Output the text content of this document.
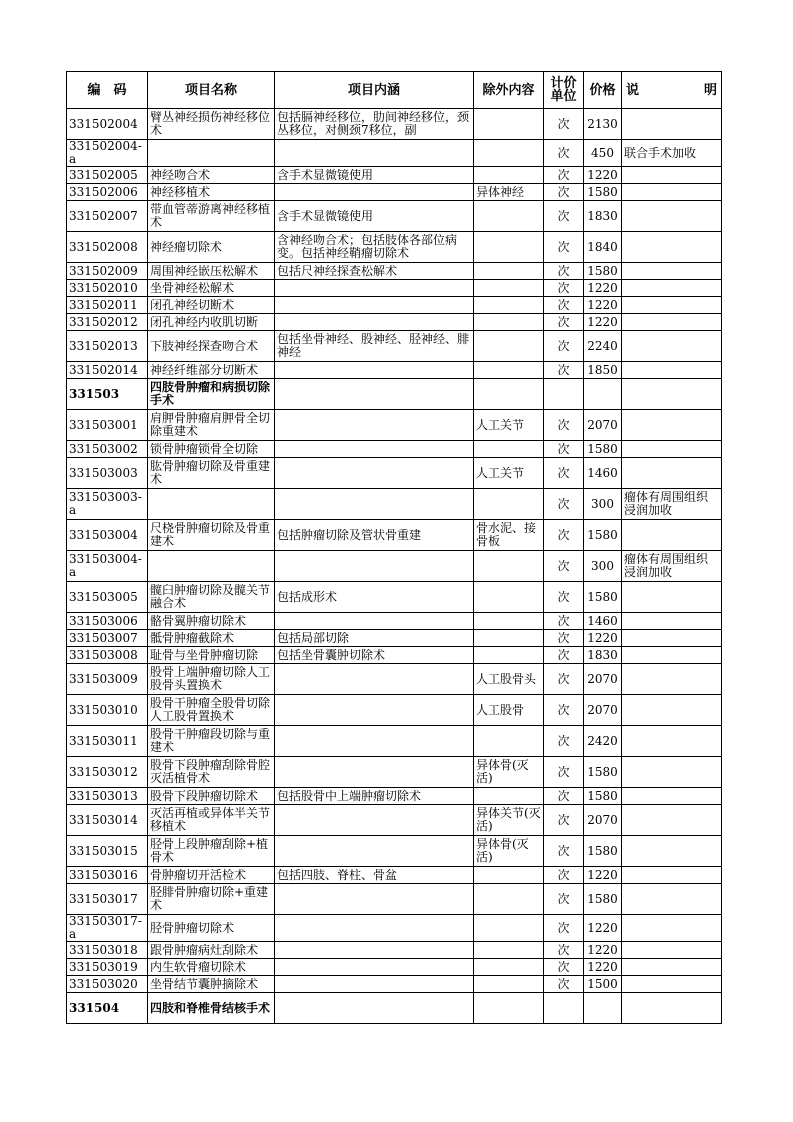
编　码	项目名称	项目内涵	除外内容	计价单位	价格	说 明

331502004	臂丛神经损伤神经移位术	包括膈神经移位，肋间神经移位，颈丛移位，对侧颈7移位，副		次	2130	

331502004-a				次	450	联合手术加收

331502005	神经吻合术	含手术显微镜使用		次	1220	

331502006	神经移植术		异体神经	次	1580	

331502007	带血管蒂游离神经移植术	含手术显微镜使用		次	1830	

331502008	神经瘤切除术	含神经吻合术；包括肢体各部位病变。包括神经鞘瘤切除术		次	1840	

331502009	周围神经嵌压松解术	包括尺神经探查松解术		次	1580	

331502010	坐骨神经松解术			次	1220	

331502011	闭孔神经切断术			次	1220	

331502012	闭孔神经内收肌切断			次	1220	

331502013	下肢神经探查吻合术	包括坐骨神经、股神经、胫神经、腓神经		次	2240	

331502014	神经纤维部分切断术			次	1850	

331503	四肢骨肿瘤和病损切除手术					

331503001	肩胛骨肿瘤肩胛骨全切除重建术		人工关节	次	2070	

331503002	锁骨肿瘤锁骨全切除			次	1580	

331503003	肱骨肿瘤切除及骨重建术		人工关节	次	1460	

331503003-a				次	300	瘤体有周围组织浸润加收

331503004	尺桡骨肿瘤切除及骨重建术	包括肿瘤切除及管状骨重建	骨水泥、接骨板	次	1580	

331503004-a				次	300	瘤体有周围组织浸润加收

331503005	髋臼肿瘤切除及髋关节融合术	包括成形术		次	1580	

331503006	骼骨翼肿瘤切除术			次	1460	

331503007	骶骨肿瘤截除术	包括局部切除		次	1220	

331503008	耻骨与坐骨肿瘤切除	包括坐骨囊肿切除术		次	1830	

331503009	股骨上端肿瘤切除人工股骨头置换术		人工股骨头	次	2070	

331503010	股骨干肿瘤全股骨切除人工股骨置换术		人工股骨	次	2070	

331503011	股骨干肿瘤段切除与重建术			次	2420	

331503012	股骨下段肿瘤刮除骨腔灭活植骨术		异体骨(灭活)	次	1580	

331503013	股骨下段肿瘤切除术	包括股骨中上端肿瘤切除术		次	1580	

331503014	灭活再植或异体半关节移植术		异体关节(灭活)	次	2070	

331503015	胫骨上段肿瘤刮除+植骨术		异体骨(灭活)	次	1580	

331503016	骨肿瘤切开活检术	包括四肢、脊柱、骨盆		次	1220	

331503017	胫腓骨肿瘤切除+重建术			次	1580	

331503017-a	胫骨肿瘤切除术			次	1220	

331503018	跟骨肿瘤病灶刮除术			次	1220	

331503019	内生软骨瘤切除术			次	1220	

331503020	坐骨结节囊肿摘除术			次	1500	

331504	四肢和脊椎骨结核手术					
